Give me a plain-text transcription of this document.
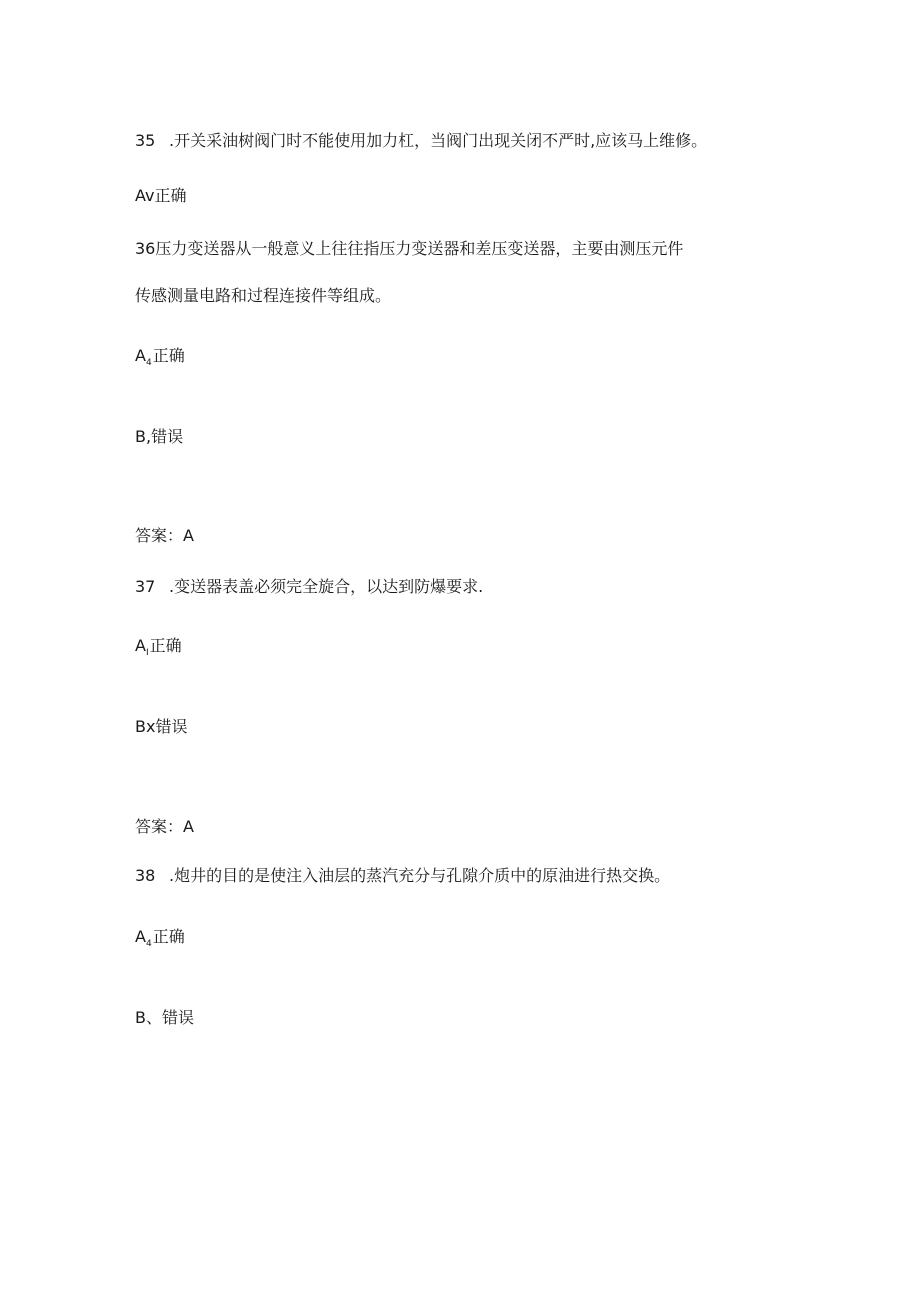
35 .开关采油树阀门时不能使用加力杠，当阀门出现关闭不严时,应该马上维修。
Av正确
36压力变送器从一般意义上往往指压力变送器和差压变送器，主要由测压元件
传感测量电路和过程连接件等组成。
$A_4$正确
B,错误
答案：A
37 .变送器表盖必须完全旋合，以达到防爆要求.
$A_I$正确
Bx错误
答案：A
38 .炮井的目的是使注入油层的蒸汽充分与孔隙介质中的原油进行热交换。
$A_4$正确
B、错误
